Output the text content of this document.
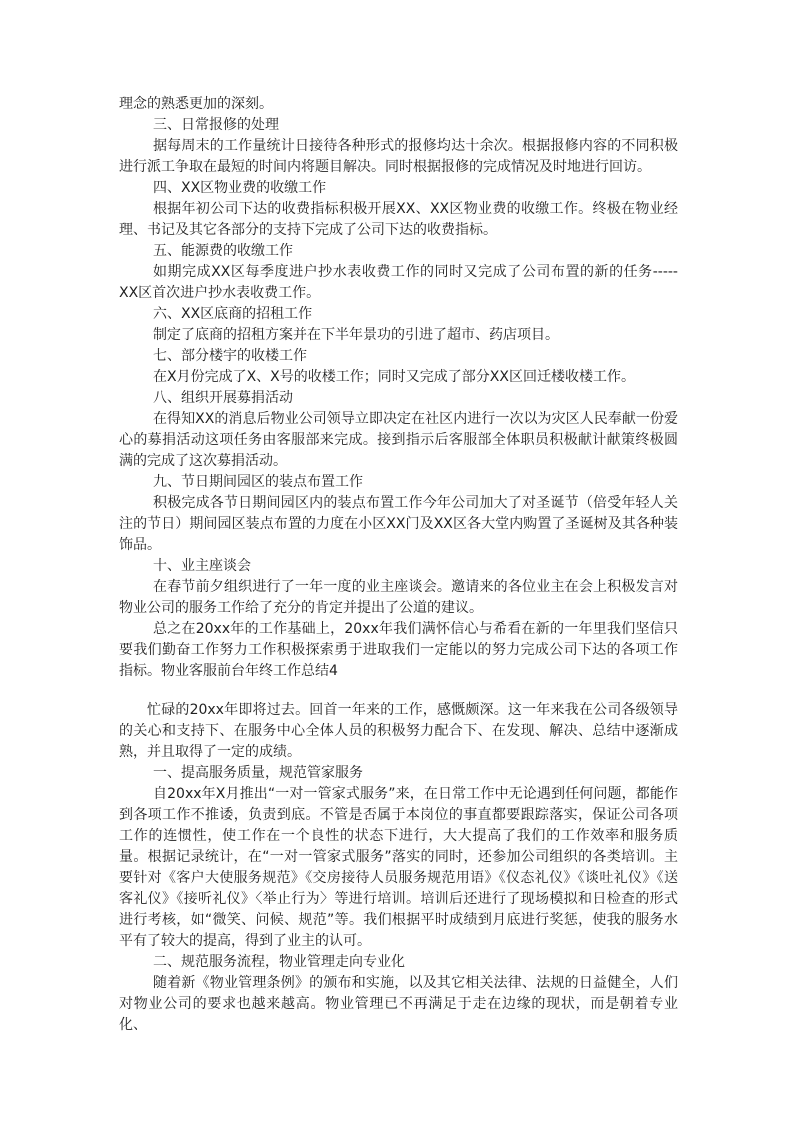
理念的熟悉更加的深刻。

三、日常报修的处理

据每周末的工作量统计日接待各种形式的报修均达十余次。根据报修内容的不同积极进行派工争取在最短的时间内将题目解决。同时根据报修的完成情况及时地进行回访。

四、XX区物业费的收缴工作

根据年初公司下达的收费指标积极开展XX、XX区物业费的收缴工作。终极在物业经理、书记及其它各部分的支持下完成了公司下达的收费指标。

五、能源费的收缴工作

如期完成XX区每季度进户抄水表收费工作的同时又完成了公司布置的新的任务-----XX区首次进户抄水表收费工作。

六、XX区底商的招租工作

制定了底商的招租方案并在下半年景功的引进了超市、药店项目。

七、部分楼宇的收楼工作

在X月份完成了X、X号的收楼工作；同时又完成了部分XX区回迁楼收楼工作。

八、组织开展募捐活动

在得知XX的消息后物业公司领导立即决定在社区内进行一次以为灾区人民奉献一份爱心的募捐活动这项任务由客服部来完成。接到指示后客服部全体职员积极献计献策终极圆满的完成了这次募捐活动。

九、节日期间园区的装点布置工作

积极完成各节日期间园区内的装点布置工作今年公司加大了对圣诞节（倍受年轻人关注的节日）期间园区装点布置的力度在小区XX门及XX区各大堂内购置了圣诞树及其各种装饰品。

十、业主座谈会

在春节前夕组织进行了一年一度的业主座谈会。邀请来的各位业主在会上积极发言对物业公司的服务工作给了充分的肯定并提出了公道的建议。

总之在20xx年的工作基础上，20xx年我们满怀信心与希看在新的一年里我们坚信只要我们勤奋工作努力工作积极探索勇于进取我们一定能以的努力完成公司下达的各项工作指标。物业客服前台年终工作总结4

忙碌的20xx年即将过去。回首一年来的工作，感慨颇深。这一年来我在公司各级领导的关心和支持下、在服务中心全体人员的积极努力配合下、在发现、解决、总结中逐渐成熟，并且取得了一定的成绩。

一、提高服务质量，规范管家服务

自20xx年X月推出“一对一管家式服务”来，在日常工作中无论遇到任何问题，都能作到各项工作不推诿，负责到底。不管是否属于本岗位的事直都要跟踪落实，保证公司各项工作的连惯性，使工作在一个良性的状态下进行，大大提高了我们的工作效率和服务质量。根据记录统计，在“一对一管家式服务”落实的同时，还参加公司组织的各类培训。主要针对《客户大使服务规范》《交房接待人员服务规范用语》《仪态礼仪》《谈吐礼仪》《送客礼仪》《接听礼仪》〈举止行为〉等进行培训。培训后还进行了现场模拟和日检查的形式进行考核，如“微笑、问候、规范”等。我们根据平时成绩到月底进行奖惩，使我的服务水平有了较大的提高，得到了业主的认可。

二、规范服务流程，物业管理走向专业化

随着新《物业管理条例》的颁布和实施，以及其它相关法律、法规的日益健全，人们对物业公司的要求也越来越高。物业管理已不再满足于走在边缘的现状，而是朝着专业化、
